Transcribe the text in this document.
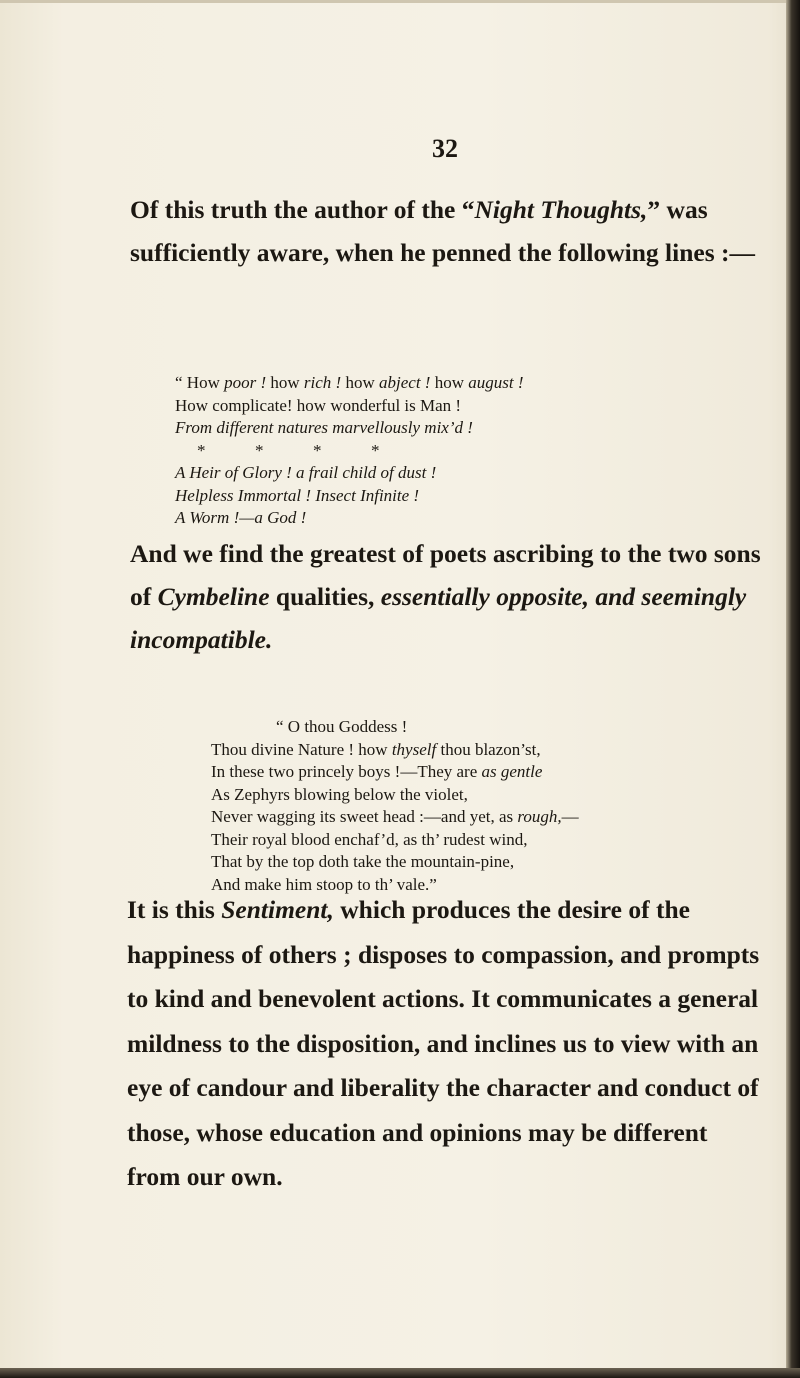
32

Of this truth the author of the “Night Thoughts,” was sufficiently aware, when he penned the following lines :—

“ How poor ! how rich ! how abject ! how august !
How complicate! how wonderful is Man !
From different natures marvellously mix’d !
*	*	*	*
A Heir of Glory ! a frail child of dust !
Helpless Immortal ! Insect Infinite !
A Worm !—a God !

And we find the greatest of poets ascribing to the two sons of Cymbeline qualities, essentially opposite, and seemingly incompatible.

“ O thou Goddess !
Thou divine Nature ! how thyself thou blazon’st,
In these two princely boys !—They are as gentle
As Zephyrs blowing below the violet,
Never wagging its sweet head :—and yet, as rough,—
Their royal blood enchaf’d, as th’ rudest wind,
That by the top doth take the mountain-pine,
And make him stoop to th’ vale.”

It is this Sentiment, which produces the desire of the happiness of others ; disposes to compassion, and prompts to kind and benevolent actions. It communicates a general mildness to the disposition, and inclines us to view with an eye of candour and liberality the character and conduct of those, whose education and opinions may be different from our own.
